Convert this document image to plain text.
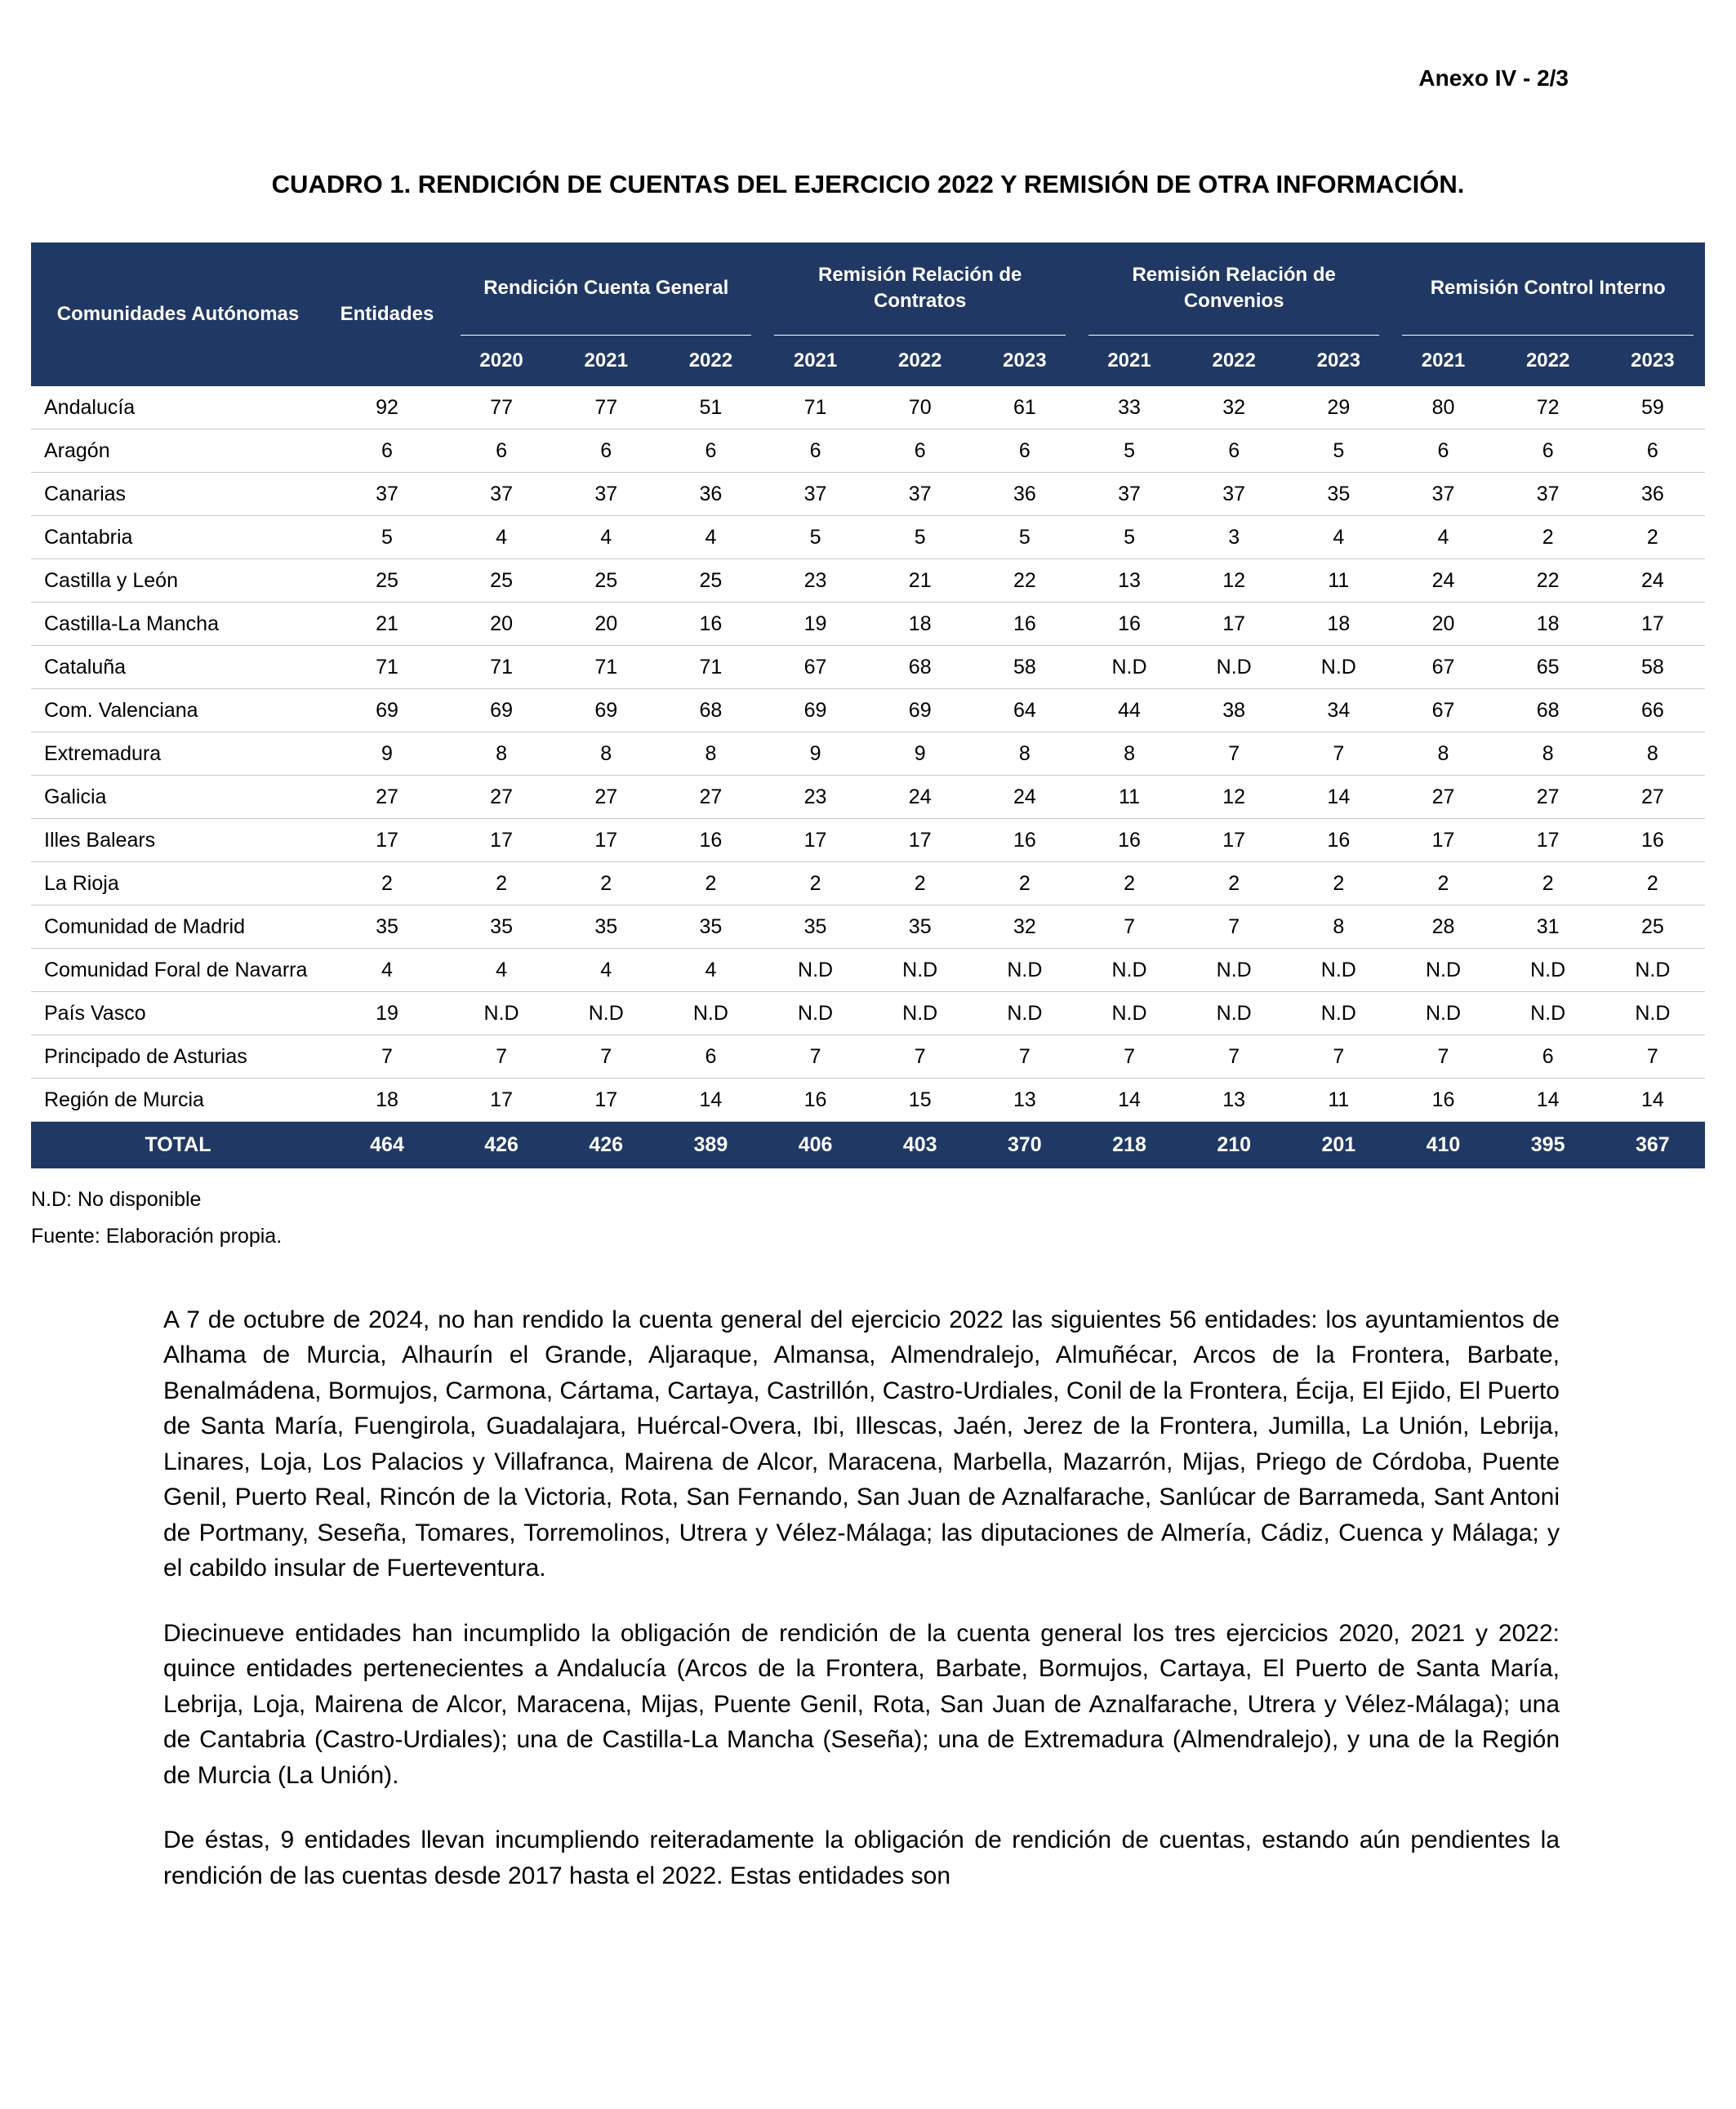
Anexo IV - 2/3
CUADRO 1. RENDICIÓN DE CUENTAS DEL EJERCICIO 2022 Y REMISIÓN DE OTRA INFORMACIÓN.
Comunidades Autónomas	Entidades	Rendición Cuenta General			Remisión Relación de Contratos			Remisión Relación de Convenios			Remisión Control Interno		

		2020	2021	2022	2021	2022	2023	2021	2022	2023	2021	2022	2023
Andalucía	92	77	77	51	71	70	61	33	32	29	80	72	59
Aragón	6	6	6	6	6	6	6	5	6	5	6	6	6
Canarias	37	37	37	36	37	37	36	37	37	35	37	37	36
Cantabria	5	4	4	4	5	5	5	5	3	4	4	2	2
Castilla y León	25	25	25	25	23	21	22	13	12	11	24	22	24
Castilla-La Mancha	21	20	20	16	19	18	16	16	17	18	20	18	17
Cataluña	71	71	71	71	67	68	58	N.D	N.D	N.D	67	65	58
Com. Valenciana	69	69	69	68	69	69	64	44	38	34	67	68	66
Extremadura	9	8	8	8	9	9	8	8	7	7	8	8	8
Galicia	27	27	27	27	23	24	24	11	12	14	27	27	27
Illes Balears	17	17	17	16	17	17	16	16	17	16	17	17	16
La Rioja	2	2	2	2	2	2	2	2	2	2	2	2	2
Comunidad de Madrid	35	35	35	35	35	35	32	7	7	8	28	31	25
Comunidad Foral de Navarra	4	4	4	4	N.D	N.D	N.D	N.D	N.D	N.D	N.D	N.D	N.D
País Vasco	19	N.D	N.D	N.D	N.D	N.D	N.D	N.D	N.D	N.D	N.D	N.D	N.D
Principado de Asturias	7	7	7	6	7	7	7	7	7	7	7	6	7
Región de Murcia	18	17	17	14	16	15	13	14	13	11	16	14	14
TOTAL	464	426	426	389	406	403	370	218	210	201	410	395	367

N.D: No disponible

Fuente: Elaboración propia.

A 7 de octubre de 2024, no han rendido la cuenta general del ejercicio 2022 las siguientes 56 entidades: los ayuntamientos de Alhama de Murcia, Alhaurín el Grande, Aljaraque, Almansa, Almendralejo, Almuñécar, Arcos de la Frontera, Barbate, Benalmádena, Bormujos, Carmona, Cártama, Cartaya, Castrillón, Castro-Urdiales, Conil de la Frontera, Écija, El Ejido, El Puerto de Santa María, Fuengirola, Guadalajara, Huércal-Overa, Ibi, Illescas, Jaén, Jerez de la Frontera, Jumilla, La Unión, Lebrija, Linares, Loja, Los Palacios y Villafranca, Mairena de Alcor, Maracena, Marbella, Mazarrón, Mijas, Priego de Córdoba, Puente Genil, Puerto Real, Rincón de la Victoria, Rota, San Fernando, San Juan de Aznalfarache, Sanlúcar de Barrameda, Sant Antoni de Portmany, Seseña, Tomares, Torremolinos, Utrera y Vélez-Málaga; las diputaciones de Almería, Cádiz, Cuenca y Málaga; y el cabildo insular de Fuerteventura.

Diecinueve entidades han incumplido la obligación de rendición de la cuenta general los tres ejercicios 2020, 2021 y 2022: quince entidades pertenecientes a Andalucía (Arcos de la Frontera, Barbate, Bormujos, Cartaya, El Puerto de Santa María, Lebrija, Loja, Mairena de Alcor, Maracena, Mijas, Puente Genil, Rota, San Juan de Aznalfarache, Utrera y Vélez-Málaga); una de Cantabria (Castro-Urdiales); una de Castilla-La Mancha (Seseña); una de Extremadura (Almendralejo), y una de la Región de Murcia (La Unión).

De éstas, 9 entidades llevan incumpliendo reiteradamente la obligación de rendición de cuentas, estando aún pendientes la rendición de las cuentas desde 2017 hasta el 2022. Estas entidades son
